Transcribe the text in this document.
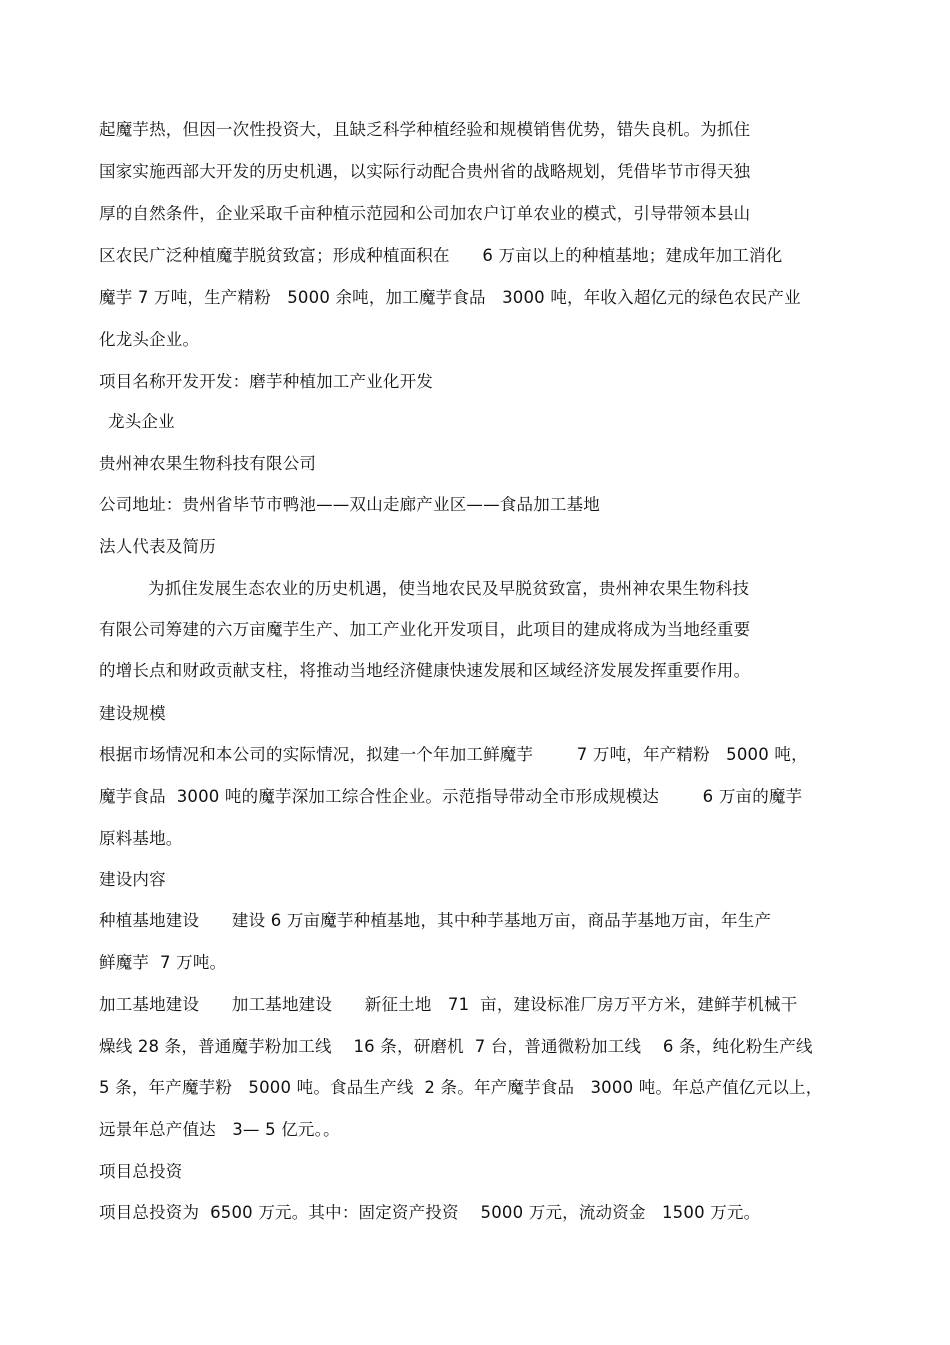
起魔芋热，但因一次性投资大，且缺乏科学种植经验和规模销售优势，错失良机。为抓住
国家实施西部大开发的历史机遇，以实际行动配合贵州省的战略规划，凭借毕节市得天独
厚的自然条件，企业采取千亩种植示范园和公司加农户订单农业的模式，引导带领本县山
区农民广泛种植魔芋脱贫致富；形成种植面积在      6 万亩以上的种植基地；建成年加工消化
魔芋 7 万吨，生产精粉   5000 余吨，加工魔芋食品   3000 吨，年收入超亿元的绿色农民产业
化龙头企业。
项目名称开发开发：磨芋种植加工产业化开发
龙头企业
贵州神农果生物科技有限公司
公司地址：贵州省毕节市鸭池——双山走廊产业区——食品加工基地
法人代表及简历
为抓住发展生态农业的历史机遇，使当地农民及早脱贫致富，贵州神农果生物科技
有限公司筹建的六万亩魔芋生产、加工产业化开发项目，此项目的建成将成为当地经重要
的增长点和财政贡献支柱，将推动当地经济健康快速发展和区域经济发展发挥重要作用。
建设规模
根据市场情况和本公司的实际情况，拟建一个年加工鲜魔芋        7 万吨，年产精粉   5000 吨，
魔芋食品  3000 吨的魔芋深加工综合性企业。示范指导带动全市形成规模达        6 万亩的魔芋
原料基地。
建设内容
种植基地建设      建设 6 万亩魔芋种植基地，其中种芋基地万亩，商品芋基地万亩，年生产
鲜魔芋  7 万吨。
加工基地建设      加工基地建设      新征土地   71  亩，建设标准厂房万平方米，建鲜芋机械干
燥线 28 条，普通魔芋粉加工线    16 条，研磨机  7 台，普通微粉加工线    6 条，纯化粉生产线
5 条，年产魔芋粉   5000 吨。食品生产线  2 条。年产魔芋食品   3000 吨。年总产值亿元以上，
远景年总产值达   3— 5 亿元。。
项目总投资
项目总投资为  6500 万元。其中：固定资产投资    5000 万元，流动资金   1500 万元。
